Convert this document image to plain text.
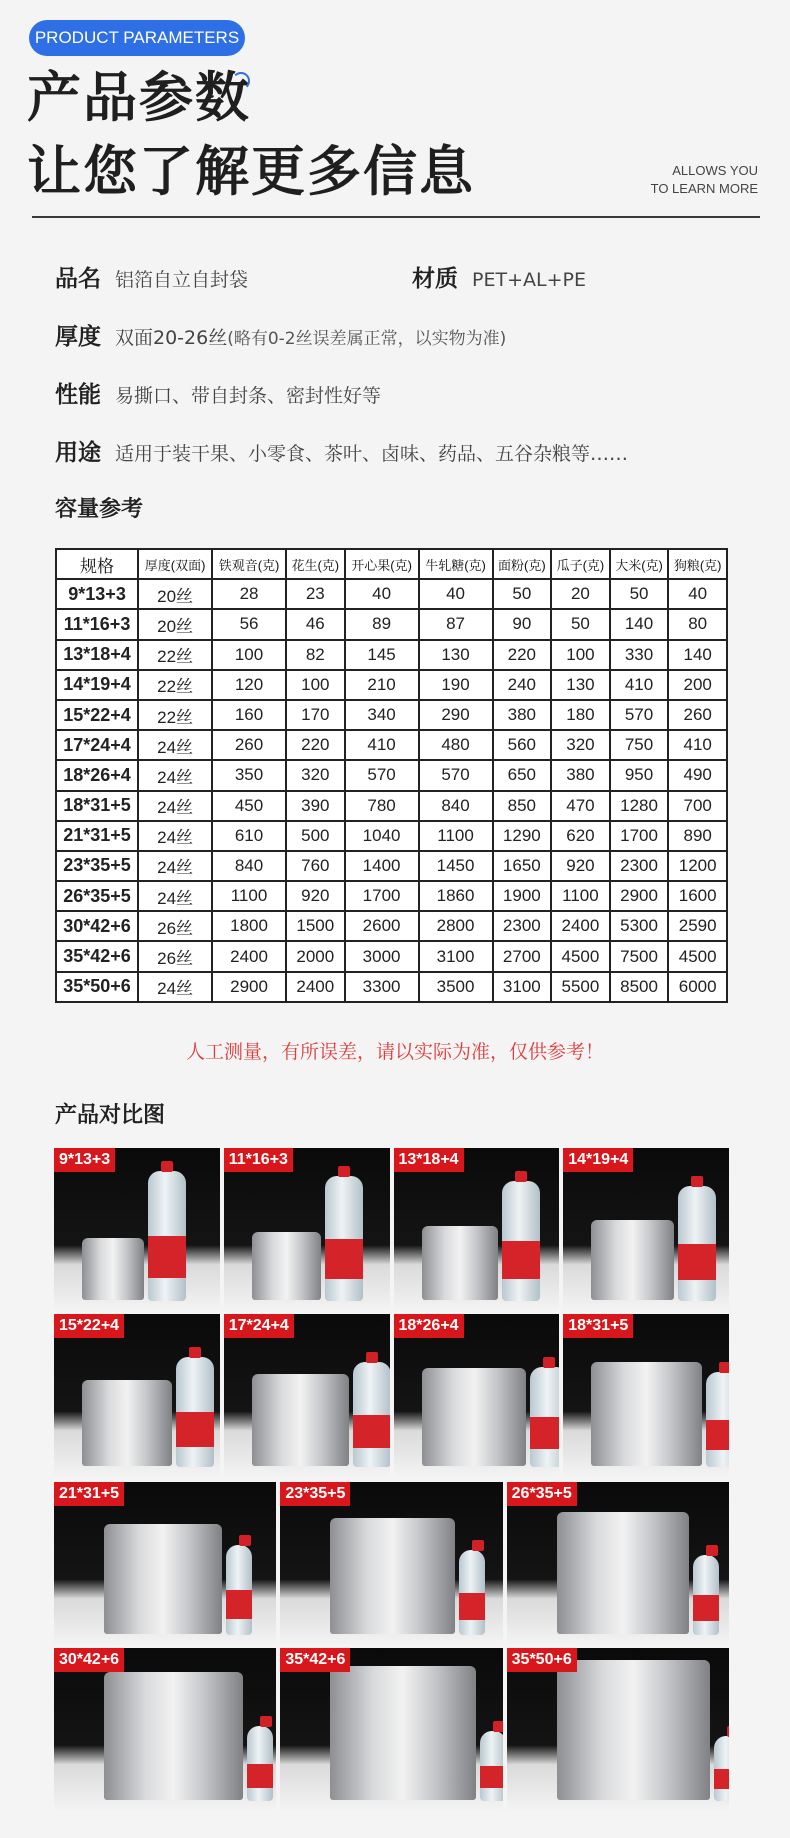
PRODUCT PARAMETERS
产品参数
让您了解更多信息	ALLOWS YOU
TO LEARN MORE
品名 铝箔自立自封袋	材质 PET+AL+PE
厚度 双面20-26丝(略有0-2丝误差属正常，以实物为准)
性能 易撕口、带自封条、密封性好等
用途 适用于装干果、小零食、茶叶、卤味、药品、五谷杂粮等……
容量参考
规格	厚度(双面)	铁观音(克)	花生(克)	开心果(克)	牛轧糖(克)	面粉(克)	瓜子(克)	大米(克)	狗粮(克)
9*13+3	20丝	28	23	40	40	50	20	50	40
11*16+3	20丝	56	46	89	87	90	50	140	80
13*18+4	22丝	100	82	145	130	220	100	330	140
14*19+4	22丝	120	100	210	190	240	130	410	200
15*22+4	22丝	160	170	340	290	380	180	570	260
17*24+4	24丝	260	220	410	480	560	320	750	410
18*26+4	24丝	350	320	570	570	650	380	950	490
18*31+5	24丝	450	390	780	840	850	470	1280	700
21*31+5	24丝	610	500	1040	1100	1290	620	1700	890
23*35+5	24丝	840	760	1400	1450	1650	920	2300	1200
26*35+5	24丝	1100	920	1700	1860	1900	1100	2900	1600
30*42+6	26丝	1800	1500	2600	2800	2300	2400	5300	2590
35*42+6	26丝	2400	2000	3000	3100	2700	4500	7500	4500
35*50+6	24丝	2900	2400	3300	3500	3100	5500	8500	6000
人工测量，有所误差，请以实际为准，仅供参考！
产品对比图
9*13+3	11*16+3	13*18+4	14*19+4
15*22+4	17*24+4	18*26+4	18*31+5
21*31+5	23*35+5	26*35+5
30*42+6	35*42+6	35*50+6
